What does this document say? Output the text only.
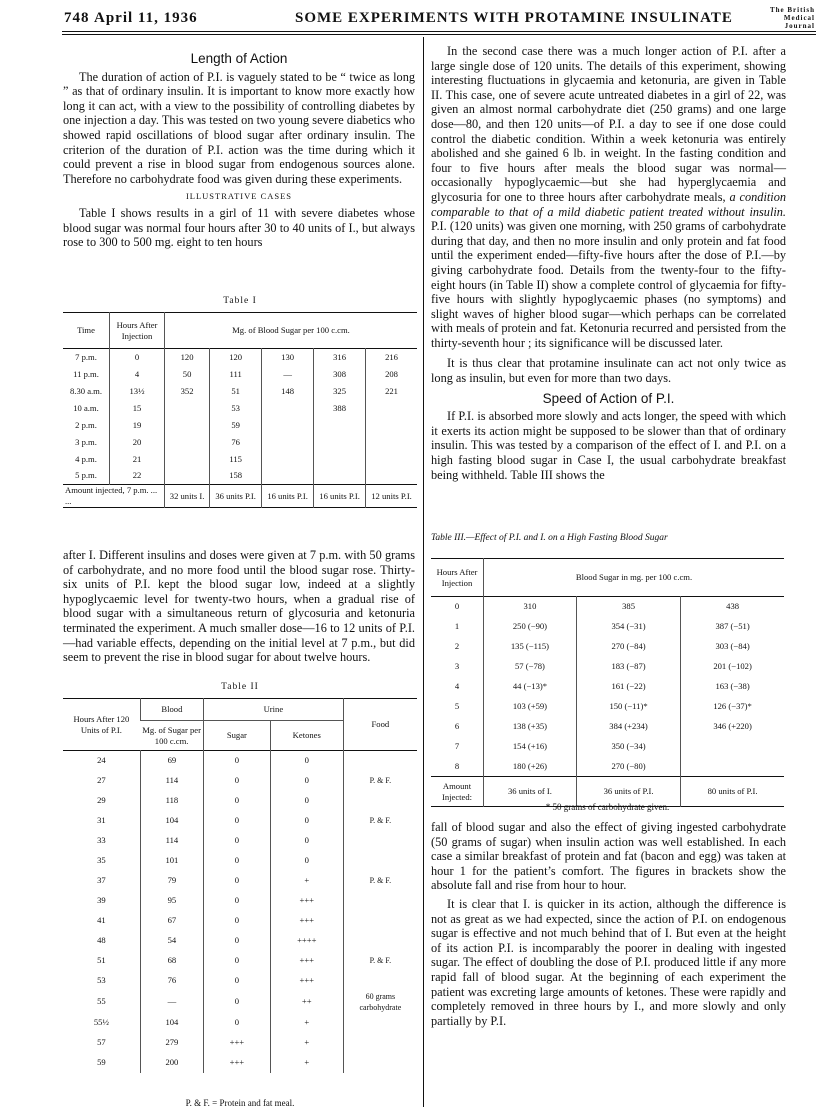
748 April 11, 1936	SOME EXPERIMENTS WITH PROTAMINE INSULINATE	The British Medical Journal
Length of Action

The duration of action of P.I. is vaguely stated to be “ twice as long ” as that of ordinary insulin. It is important to know more exactly how long it can act, with a view to the possibility of controlling diabetes by one injection a day. This was tested on two young severe diabetics who showed rapid oscillations of blood sugar after ordinary insulin. The criterion of the duration of P.I. action was the time during which it could prevent a rise in blood sugar from endogenous sources alone. Therefore no carbohydrate food was given during these experiments.

ILLUSTRATIVE CASES

Table I shows results in a girl of 11 with severe diabetes whose blood sugar was normal four hours after 30 to 40 units of I., but always rose to 300 to 500 mg. eight to ten hours

Table I
Time	Hours After Injection	Mg. of Blood Sugar per 100 c.cm.				
7 p.m.	0	120	120	130	316	216
11 p.m.	4	50	111	—	308	208
8.30 a.m.	13½	352	51	148	325	221
10 a.m.	15		53		388	
2 p.m.	19		59			
3 p.m.	20		76			
4 p.m.	21		115			
5 p.m.	22		158			
Amount injected, 7 p.m. ... ...		32 units I.	36 units P.I.	16 units P.I.	16 units P.I.	12 units P.I.

after I. Different insulins and doses were given at 7 p.m. with 50 grams of carbohydrate, and no more food until the blood sugar rose. Thirty-six units of P.I. kept the blood sugar low, indeed at a slightly hypoglycaemic level for twenty-two hours, when a gradual rise of blood sugar with a simultaneous return of glycosuria and ketonuria terminated the experiment. A much smaller dose—16 to 12 units of P.I.—had variable effects, depending on the initial level at 7 p.m., but did seem to prevent the rise in blood sugar for about twelve hours.

Table II
Hours After 120 Units of P.I.	Blood	Urine		Food
	Mg. of Sugar per 100 c.cm.	Sugar	Ketones	
24	69	0	0	
27	114	0	0	P. & F.
29	118	0	0	
31	104	0	0	P. & F.
33	114	0	0	
35	101	0	0	
37	79	0	+	P. & F.
39	95	0	+++	
41	67	0	+++	
48	54	0	++++	
51	68	0	+++	P. & F.
53	76	0	+++	
55	—	0	++	60 grams carbohydrate
55½	104	0	+	
57	279	+++	+	
59	200	+++	+	
P. & F. = Protein and fat meal.

In the second case there was a much longer action of P.I. after a large single dose of 120 units. The details of this experiment, showing interesting fluctuations in glycaemia and ketonuria, are given in Table II. This case, one of severe acute untreated diabetes in a girl of 22, was given an almost normal carbohydrate diet (250 grams) and one large dose—80, and then 120 units—of P.I. a day to see if one dose could control the diabetic condition. Within a week ketonuria was entirely abolished and she gained 6 lb. in weight. In the fasting condition and four to five hours after meals the blood sugar was normal—occasionally hypoglycaemic—but she had hyperglycaemia and glycosuria for one to three hours after carbohydrate meals, a condition comparable to that of a mild diabetic patient treated without insulin. P.I. (120 units) was given one morning, with 250 grams of carbohydrate during that day, and then no more insulin and only protein and fat food until the experiment ended—fifty-five hours after the dose of P.I.—by giving carbohydrate food. Details from the twenty-four to the fifty-eight hours (in Table II) show a complete control of glycaemia for fifty-five hours with slightly hypoglycaemic phases (no symptoms) and slight waves of higher blood sugar—which perhaps can be correlated with meals of protein and fat. Ketonuria recurred and persisted from the thirty-seventh hour ; its significance will be discussed later.

It is thus clear that protamine insulinate can act not only twice as long as insulin, but even for more than two days.

Speed of Action of P.I.

If P.I. is absorbed more slowly and acts longer, the speed with which it exerts its action might be supposed to be slower than that of ordinary insulin. This was tested by a comparison of the effect of I. and P.I. on a high fasting blood sugar in Case I, the usual carbohydrate breakfast being withheld. Table III shows the

Table III.—Effect of P.I. and I. on a High Fasting Blood Sugar
Hours After Injection	Blood Sugar in mg. per 100 c.cm.		
0	310	385	438
1	250 (−90)	354 (−31)	387 (−51)
2	135 (−115)	270 (−84)	303 (−84)
3	57 (−78)	183 (−87)	201 (−102)
4	44 (−13)*	161 (−22)	163 (−38)
5	103 (+59)	150 (−11)*	126 (−37)*
6	138 (+35)	384 (+234)	346 (+220)
7	154 (+16)	350 (−34)	
8	180 (+26)	270 (−80)	
Amount Injected:	36 units of I.	36 units of P.I.	80 units of P.I.
* 50 grams of carbohydrate given.

fall of blood sugar and also the effect of giving ingested carbohydrate (50 grams of sugar) when insulin action was well established. In each case a similar breakfast of protein and fat (bacon and egg) was taken at hour 1 for the patient’s comfort. The figures in brackets show the absolute fall and rise from hour to hour.

It is clear that I. is quicker in its action, although the difference is not as great as we had expected, since the action of P.I. on endogenous sugar is effective and not much behind that of I. But even at the height of its action P.I. is incomparably the poorer in dealing with ingested sugar. The effect of doubling the dose of P.I. produced little if any more rapid fall of blood sugar. At the beginning of each experiment the patient was excreting large amounts of ketones. These were rapidly and completely removed in three hours by I., and more slowly and only partially by P.I.
